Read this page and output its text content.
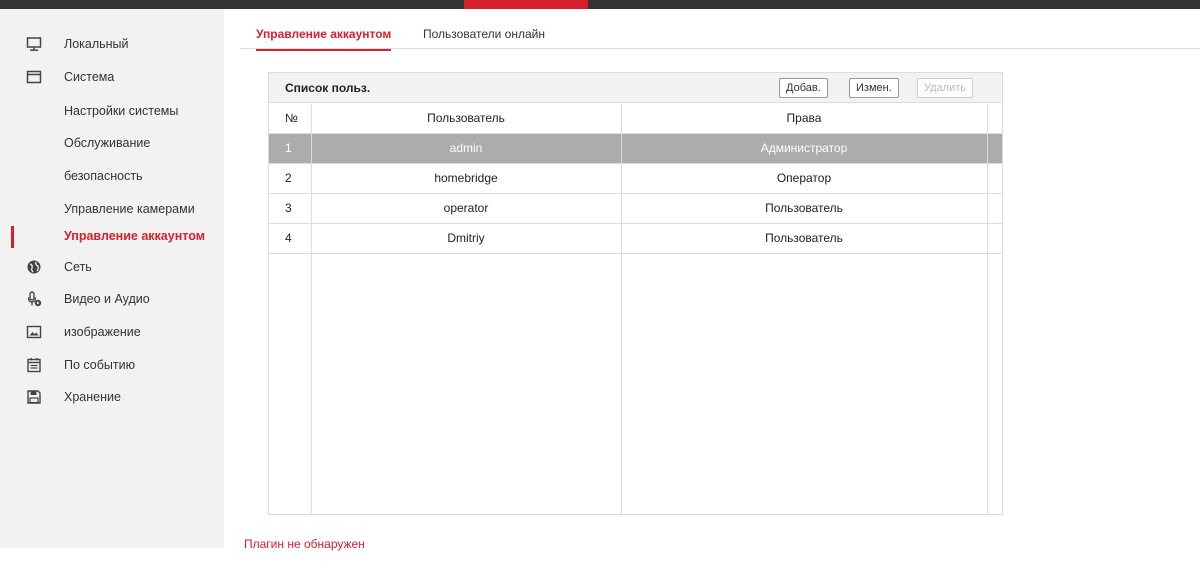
Локальный
Система
Настройки системы
Обслуживание
безопасность
Управление камерами
Управление аккаунтом
Сеть
Видео и Аудио
изображение
По событию
Хранение
Управление аккаунтом	Пользователи онлайн
Список польз.	Добав.	Измен.	Удалить
№	Пользователь	Права
1	admin	Администратор
2	homebridge	Оператор
3	operator	Пользователь
4	Dmitriy	Пользователь
Плагин не обнаружен
